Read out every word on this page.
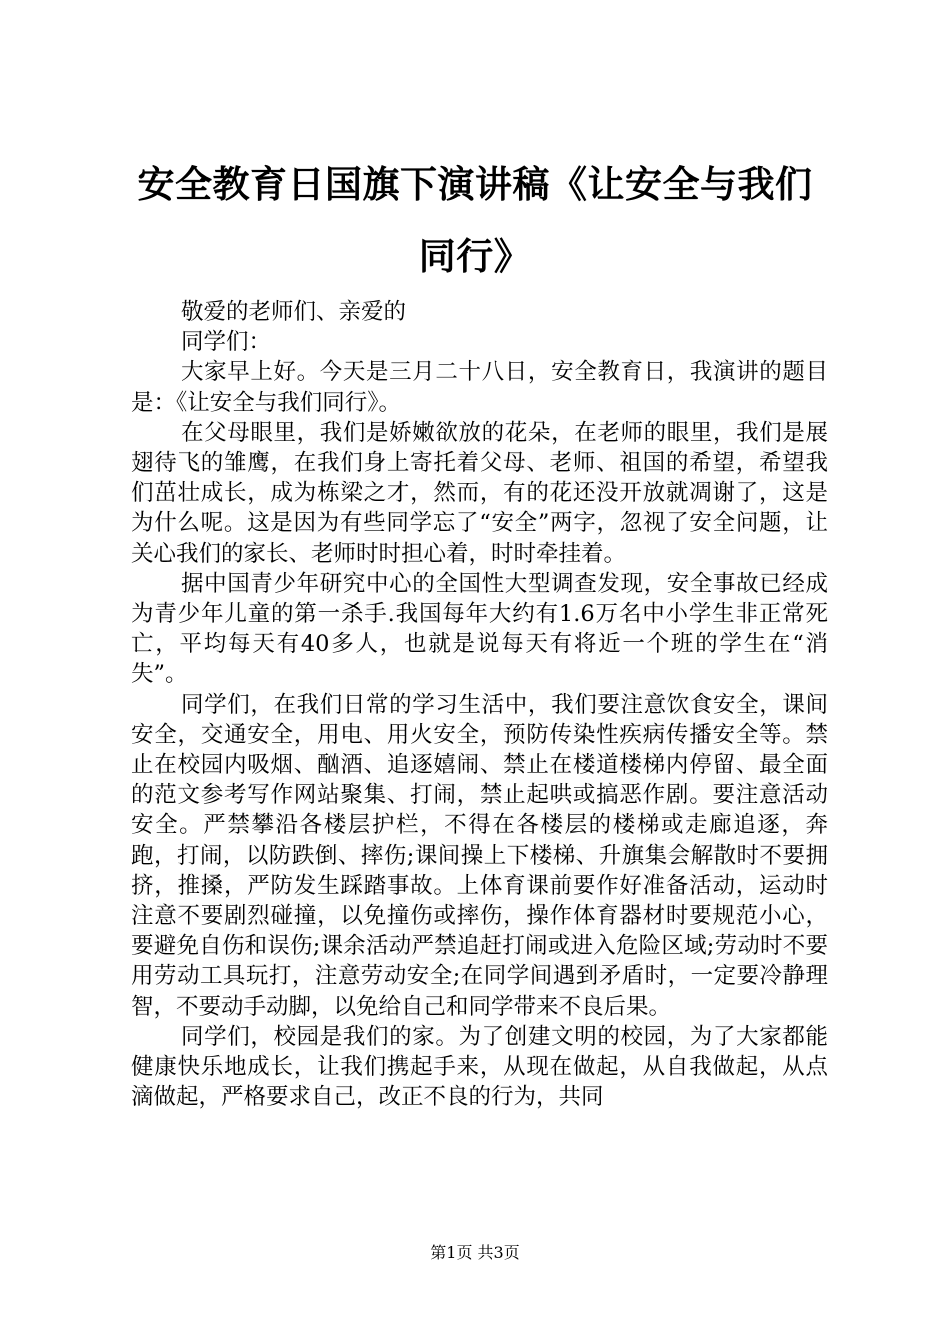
安全教育日国旗下演讲稿《让安全与我们同行》

敬爱的老师们、亲爱的

同学们：

大家早上好。今天是三月二十八日，安全教育日，我演讲的题目是：《让安全与我们同行》。

在父母眼里，我们是娇嫩欲放的花朵，在老师的眼里，我们是展翅待飞的雏鹰，在我们身上寄托着父母、老师、祖国的希望，希望我们茁壮成长，成为栋梁之才，然而，有的花还没开放就凋谢了，这是为什么呢。这是因为有些同学忘了“安全”两字，忽视了安全问题，让关心我们的家长、老师时时担心着，时时牵挂着。

据中国青少年研究中心的全国性大型调查发现，安全事故已经成为青少年儿童的第一杀手.我国每年大约有1.6万名中小学生非正常死亡，平均每天有40多人，也就是说每天有将近一个班的学生在“消失”。

同学们，在我们日常的学习生活中，我们要注意饮食安全，课间安全，交通安全，用电、用火安全，预防传染性疾病传播安全等。禁止在校园内吸烟、酗酒、追逐嬉闹、禁止在楼道楼梯内停留、最全面的范文参考写作网站聚集、打闹，禁止起哄或搞恶作剧。要注意活动安全。严禁攀沿各楼层护栏，不得在各楼层的楼梯或走廊追逐，奔跑，打闹，以防跌倒、摔伤;课间操上下楼梯、升旗集会解散时不要拥挤，推搡，严防发生踩踏事故。上体育课前要作好准备活动，运动时注意不要剧烈碰撞，以免撞伤或摔伤，操作体育器材时要规范小心，要避免自伤和误伤;课余活动严禁追赶打闹或进入危险区域;劳动时不要用劳动工具玩打，注意劳动安全;在同学间遇到矛盾时，一定要冷静理智，不要动手动脚，以免给自己和同学带来不良后果。

同学们，校园是我们的家。为了创建文明的校园，为了大家都能健康快乐地成长，让我们携起手来，从现在做起，从自我做起，从点滴做起，严格要求自己，改正不良的行为，共同

第1页 共3页
